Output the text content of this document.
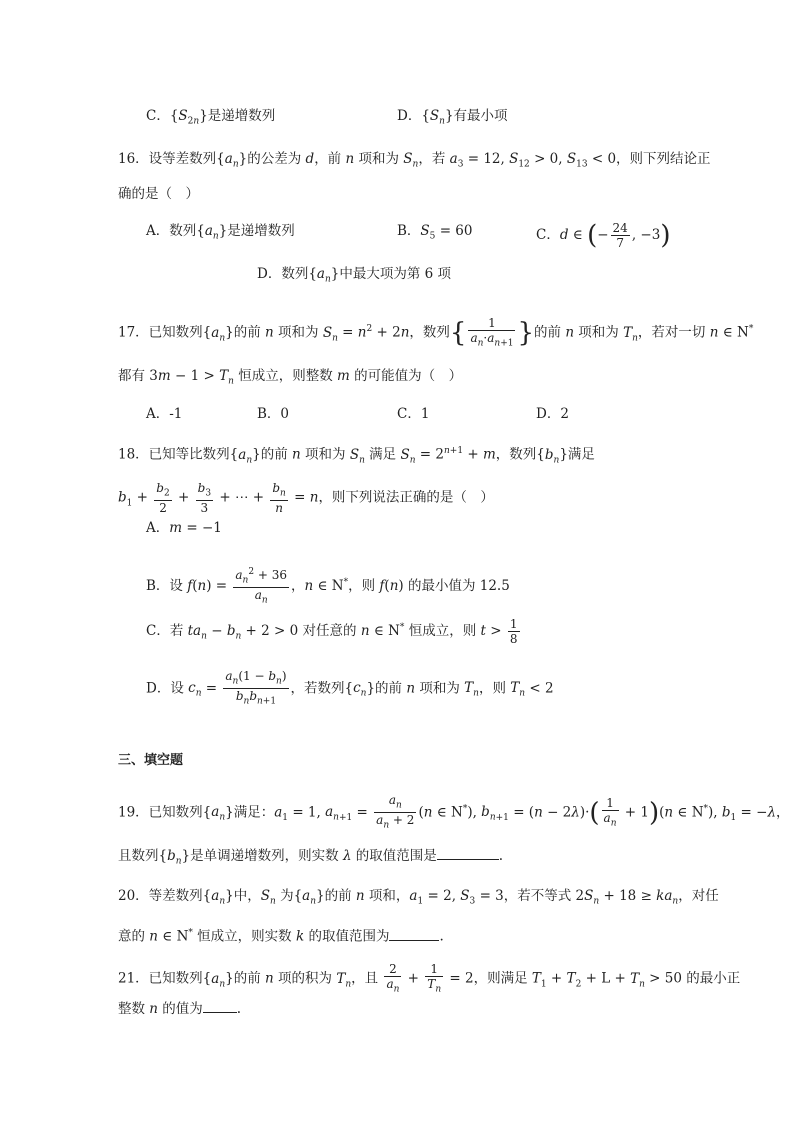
C．$\{S_{2n}\}$是递增数列	D．$\{S_n\}$有最小项
16．设等差数列$\{a_n\}$的公差为 d，前 n 项和为 $S_n$，若 $a_3 = 12$, $S_{12} > 0$, $S_{13} < 0$，则下列结论正
确的是（　）
A．数列$\{a_n\}$是递增数列	B．$S_5 = 60$	C．d ∈ (− $\frac{24}{7}$ , −3)
D．数列$\{a_n\}$中最大项为第 6 项
17．已知数列$\{a_n\}$的前 n 项和为 $S_n = n^2 + 2n$，数列{ $\frac{1}{a_n\cdot a_{n+1}}$ }的前 n 项和为 $T_n$，若对一切 n ∈ N*
都有 $3m - 1 > T_n$ 恒成立，则整数 m 的可能值为（　）
A．-1	B．0	C．1	D．2
18．已知等比数列$\{a_n\}$的前 n 项和为 $S_n$ 满足 $S_n = 2^{n+1} + m$，数列$\{b_n\}$满足
$b_1 + \frac{b_2}{2} + \frac{b_3}{3}$ + ⋯ + $\frac{b_n}{n} = n$，则下列说法正确的是（　）
A．m = −1
B．设 $f(n) = \frac{a_n^2 + 36}{a_n}$ ，n ∈ N*，则 f(n) 的最小值为 12.5
C．若 $ta_n - b_n + 2 > 0$ 对任意的 n ∈ N* 恒成立，则 $t > \frac{1}{8}$
D．设 $c_n = \frac{a_n(1 - b_n)}{b_nb_{n+1}}$ ，若数列$\{c_n\}$的前 n 项和为 $T_n$，则 $T_n < 2$
三、填空题
19．已知数列$\{a_n\}$满足：$a_1 = 1$, $a_{n+1} = \frac{a_n}{a_n + 2} (n$ ∈ N*), $b_{n+1} = (n - 2\lambda)\cdot( \frac{1}{a_n} + 1)(n$ ∈ N*), $b_1 = -\lambda$，
且数列$\{b_n\}$是单调递增数列，则实数 λ 的取值范围是	.
20．等差数列$\{a_n\}$中，$S_n$ 为$\{a_n\}$的前 n 项和，$a_1 = 2$, $S_3 = 3$，若不等式 $2S_n + 18 \ge ka_n$，对任
意的 n ∈ N* 恒成立，则实数 k 的取值范围为	.
21．已知数列$\{a_n\}$的前 n 项的积为 $T_n$，且 $\frac{2}{a_n} + \frac{1}{T_n} = 2$，则满足 $T_1 + T_2 + L + T_n > 50$ 的最小正
整数 n 的值为	.
